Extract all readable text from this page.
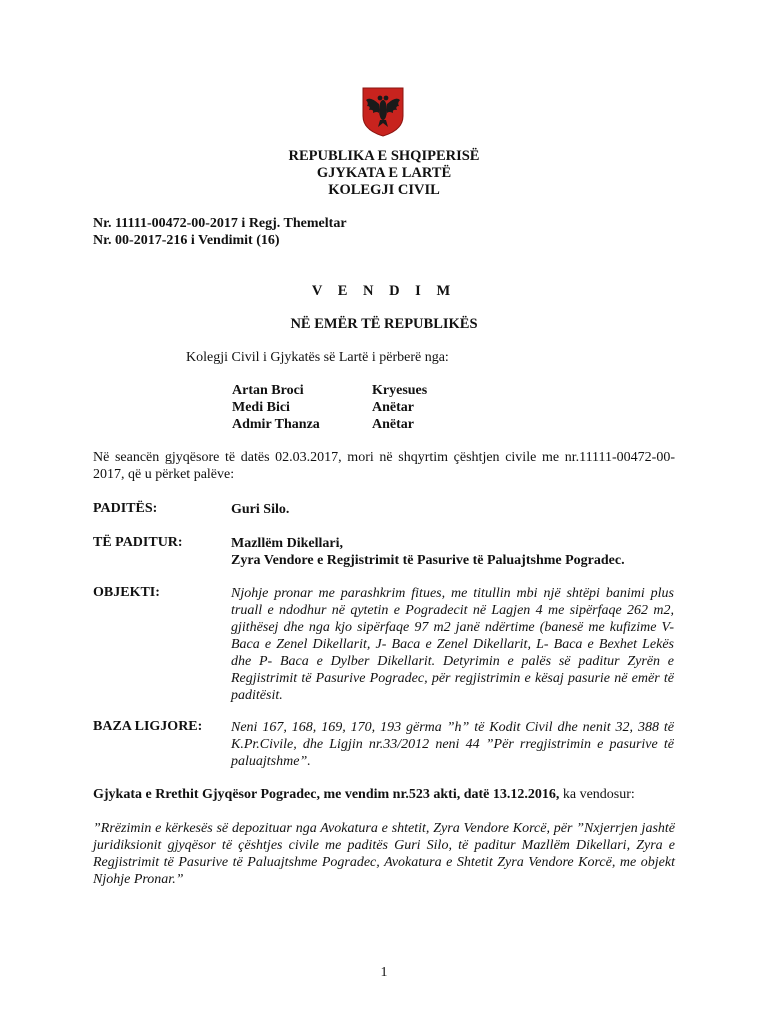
REPUBLIKA E SHQIPERISË
GJYKATA E LARTË
KOLEGJI CIVIL
Nr. 11111-00472-00-2017 i Regj. Themeltar
Nr. 00-2017-216 i Vendimit (16)
V E N D I M
NË EMËR TË REPUBLIKËS
Kolegji Civil i Gjykatës së Lartë i përberë nga:
Artan Broci	Kryesues
Medi Bici	Anëtar
Admir Thanza	Anëtar
Në seancën gjyqësore të datës 02.03.2017, mori në shqyrtim çështjen civile me nr.11111-00472-00-2017, që u përket palëve:
PADITËS:	Guri Silo.
TË PADITUR:	Mazllëm Dikellari,
Zyra Vendore e Regjistrimit të Pasurive të Paluajtshme Pogradec.
OBJEKTI:	Njohje pronar me parashkrim fitues, me titullin mbi një shtëpi banimi plus truall e ndodhur në qytetin e Pogradecit në Lagjen 4 me sipërfaqe 262 m2, gjithësej dhe nga kjo sipërfaqe 97 m2 janë ndërtime (banesë me kufizime V- Baca e Zenel Dikellarit, J- Baca e Zenel Dikellarit, L- Baca e Bexhet Lekës dhe P- Baca e Dylber Dikellarit. Detyrimin e palës së paditur Zyrën e Regjistrimit të Pasurive Pogradec, për regjistrimin e kësaj pasurie në emër të paditësit.
BAZA LIGJORE: Neni 167, 168, 169, 170, 193 gërma ”h” të Kodit Civil dhe nenit 32, 388 të K.Pr.Civile, dhe Ligjin nr.33/2012 neni 44 ”Për rregjistrimin e pasurive të paluajtshme”.
Gjykata e Rrethit Gjyqësor Pogradec, me vendim nr.523 akti, datë 13.12.2016, ka vendosur:
”Rrëzimin e kërkesës së depozituar nga Avokatura e shtetit, Zyra Vendore Korcë, për ”Nxjerrjen jashtë juridiksionit gjyqësor të çështjes civile me paditës Guri Silo, të paditur Mazllëm Dikellari, Zyra e Regjistrimit të Pasurive të Paluajtshme Pogradec, Avokatura e Shtetit Zyra Vendore Korcë, me objekt Njohje Pronar.”
1
